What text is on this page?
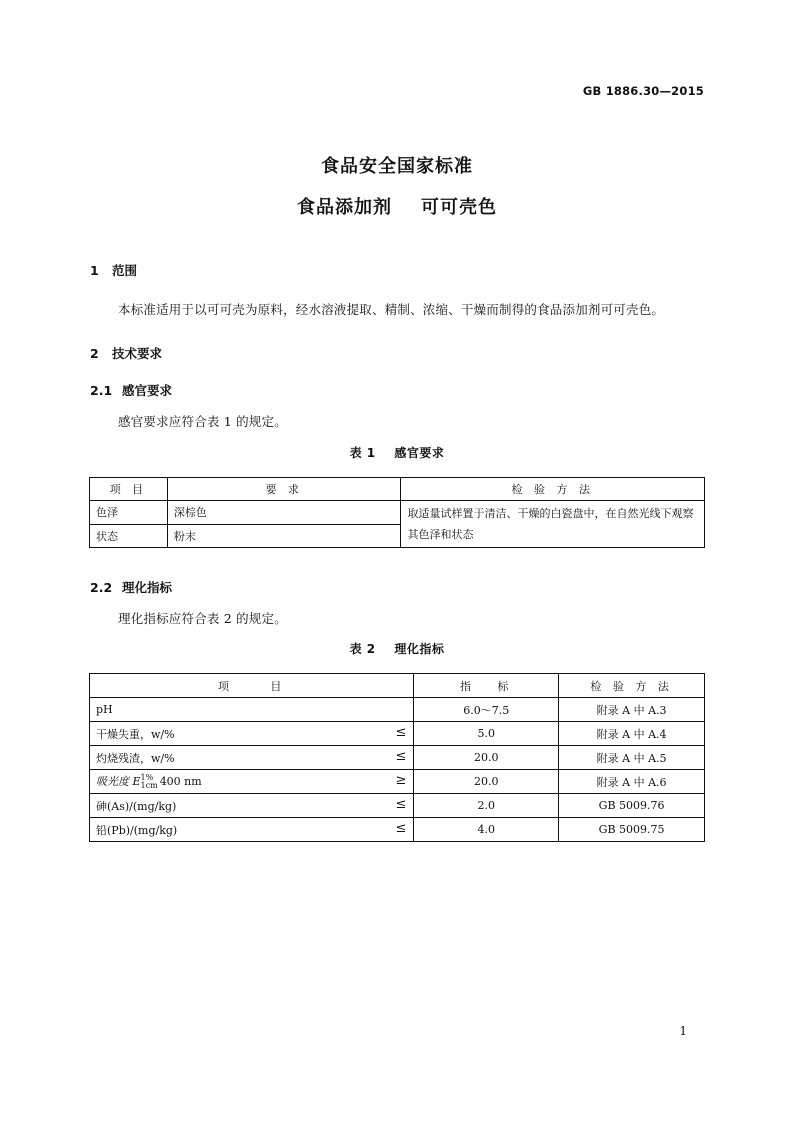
GB 1886.30—2015
食品安全国家标准
食品添加剂    可可壳色
1 范围
本标准适用于以可可壳为原料，经水溶液提取、精制、浓缩、干燥而制得的食品添加剂可可壳色。
2 技术要求
2.1 感官要求
感官要求应符合表 1 的规定。
表 1    感官要求
项 目	要 求	检 验 方 法
色泽	深棕色	取适量试样置于清洁、干燥的白瓷盘中，在自然光线下观察其色泽和状态
状态	粉末	
2.2 理化指标
理化指标应符合表 2 的规定。
表 2    理化指标
项     目	指   标	检 验 方 法
pH	6.0～7.5	附录 A 中 A.3
干燥失重，w/% ≤	5.0	附录 A 中 A.4
灼烧残渣，w/% ≤	20.0	附录 A 中 A.5
吸光度 E 1%
1cm 400 nm ≥	20.0	附录 A 中 A.6
砷(As)/(mg/kg) ≤	2.0	GB 5009.76
铅(Pb)/(mg/kg) ≤	4.0	GB 5009.75
1
